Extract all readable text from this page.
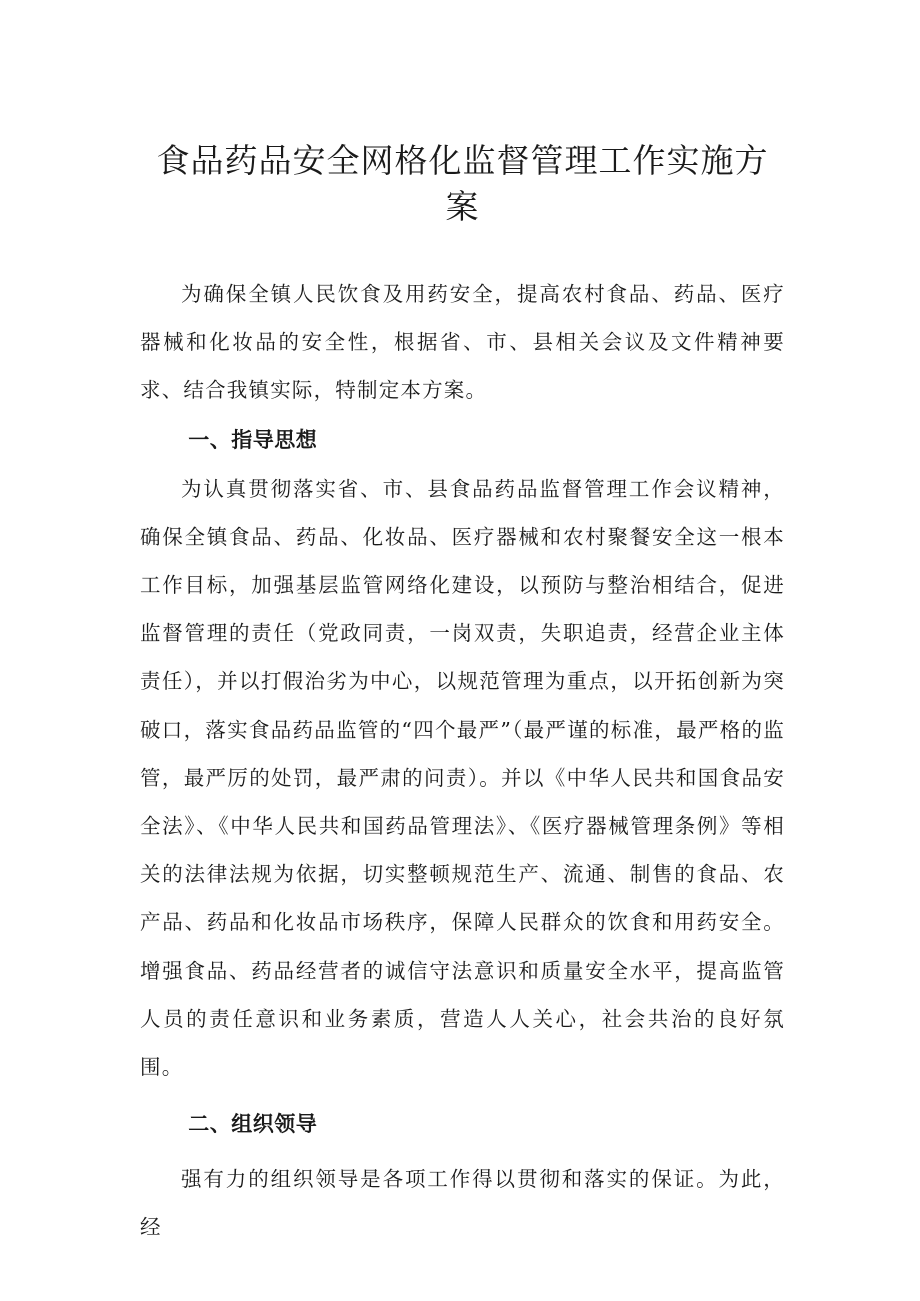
食品药品安全网格化监督管理工作实施方案

为确保全镇人民饮食及用药安全，提高农村食品、药品、医疗器械和化妆品的安全性，根据省、市、县相关会议及文件精神要求、结合我镇实际，特制定本方案。

一、指导思想

为认真贯彻落实省、市、县食品药品监督管理工作会议精神，确保全镇食品、药品、化妆品、医疗器械和农村聚餐安全这一根本工作目标，加强基层监管网络化建设，以预防与整治相结合，促进监督管理的责任（党政同责，一岗双责，失职追责，经营企业主体责任），并以打假治劣为中心，以规范管理为重点，以开拓创新为突破口，落实食品药品监管的“四个最严”（最严谨的标准，最严格的监管，最严厉的处罚，最严肃的问责）。并以《中华人民共和国食品安全法》、《中华人民共和国药品管理法》、《医疗器械管理条例》等相关的法律法规为依据，切实整顿规范生产、流通、制售的食品、农产品、药品和化妆品市场秩序，保障人民群众的饮食和用药安全。增强食品、药品经营者的诚信守法意识和质量安全水平，提高监管人员的责任意识和业务素质，营造人人关心，社会共治的良好氛围。

二、组织领导

强有力的组织领导是各项工作得以贯彻和落实的保证。为此，经
